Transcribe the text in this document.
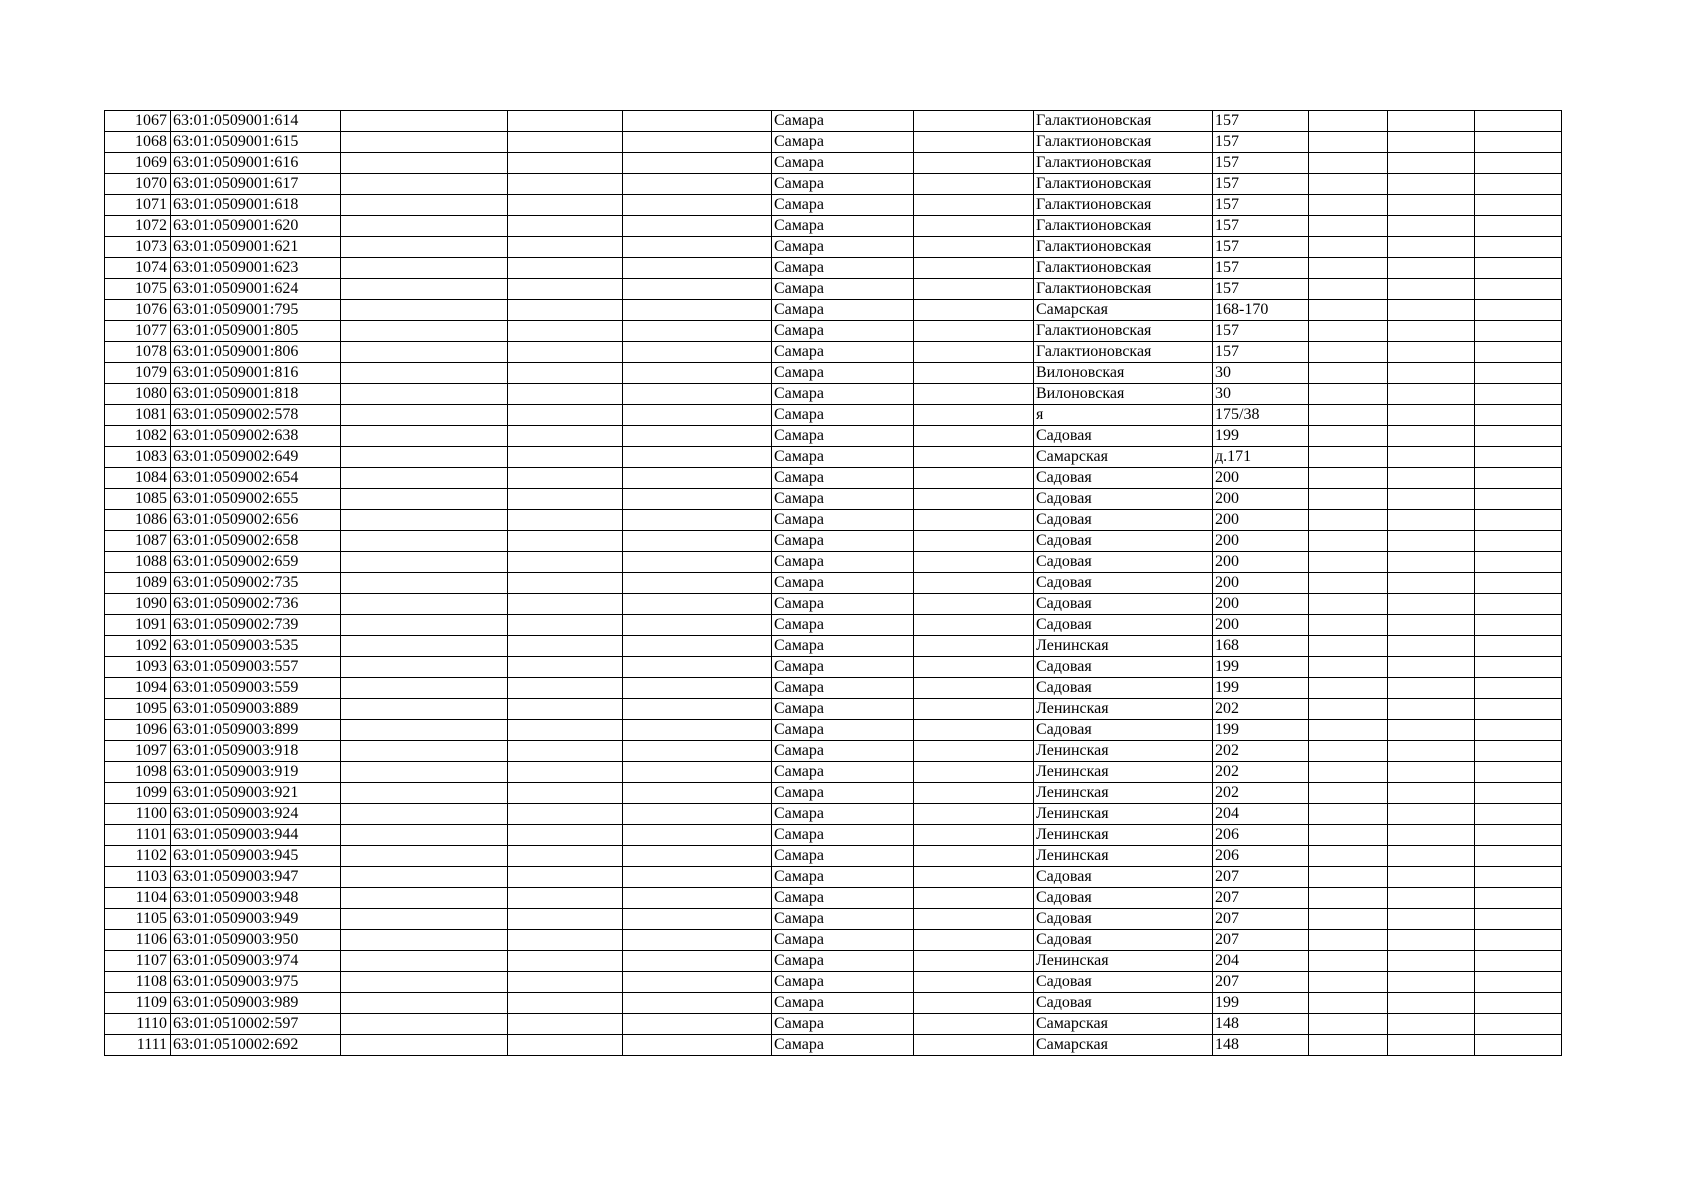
1067	63:01:0509001:614				Самара		Галактионовская	157			
1068	63:01:0509001:615				Самара		Галактионовская	157			
1069	63:01:0509001:616				Самара		Галактионовская	157			
1070	63:01:0509001:617				Самара		Галактионовская	157			
1071	63:01:0509001:618				Самара		Галактионовская	157			
1072	63:01:0509001:620				Самара		Галактионовская	157			
1073	63:01:0509001:621				Самара		Галактионовская	157			
1074	63:01:0509001:623				Самара		Галактионовская	157			
1075	63:01:0509001:624				Самара		Галактионовская	157			
1076	63:01:0509001:795				Самара		Самарская	168-170			
1077	63:01:0509001:805				Самара		Галактионовская	157			
1078	63:01:0509001:806				Самара		Галактионовская	157			
1079	63:01:0509001:816				Самара		Вилоновская	30			
1080	63:01:0509001:818				Самара		Вилоновская	30			
1081	63:01:0509002:578				Самара		я	175/38			
1082	63:01:0509002:638				Самара		Садовая	199			
1083	63:01:0509002:649				Самара		Самарская	д.171			
1084	63:01:0509002:654				Самара		Садовая	200			
1085	63:01:0509002:655				Самара		Садовая	200			
1086	63:01:0509002:656				Самара		Садовая	200			
1087	63:01:0509002:658				Самара		Садовая	200			
1088	63:01:0509002:659				Самара		Садовая	200			
1089	63:01:0509002:735				Самара		Садовая	200			
1090	63:01:0509002:736				Самара		Садовая	200			
1091	63:01:0509002:739				Самара		Садовая	200			
1092	63:01:0509003:535				Самара		Ленинская	168			
1093	63:01:0509003:557				Самара		Садовая	199			
1094	63:01:0509003:559				Самара		Садовая	199			
1095	63:01:0509003:889				Самара		Ленинская	202			
1096	63:01:0509003:899				Самара		Садовая	199			
1097	63:01:0509003:918				Самара		Ленинская	202			
1098	63:01:0509003:919				Самара		Ленинская	202			
1099	63:01:0509003:921				Самара		Ленинская	202			
1100	63:01:0509003:924				Самара		Ленинская	204			
1101	63:01:0509003:944				Самара		Ленинская	206			
1102	63:01:0509003:945				Самара		Ленинская	206			
1103	63:01:0509003:947				Самара		Садовая	207			
1104	63:01:0509003:948				Самара		Садовая	207			
1105	63:01:0509003:949				Самара		Садовая	207			
1106	63:01:0509003:950				Самара		Садовая	207			
1107	63:01:0509003:974				Самара		Ленинская	204			
1108	63:01:0509003:975				Самара		Садовая	207			
1109	63:01:0509003:989				Самара		Садовая	199			
1110	63:01:0510002:597				Самара		Самарская	148			
1111	63:01:0510002:692				Самара		Самарская	148			
